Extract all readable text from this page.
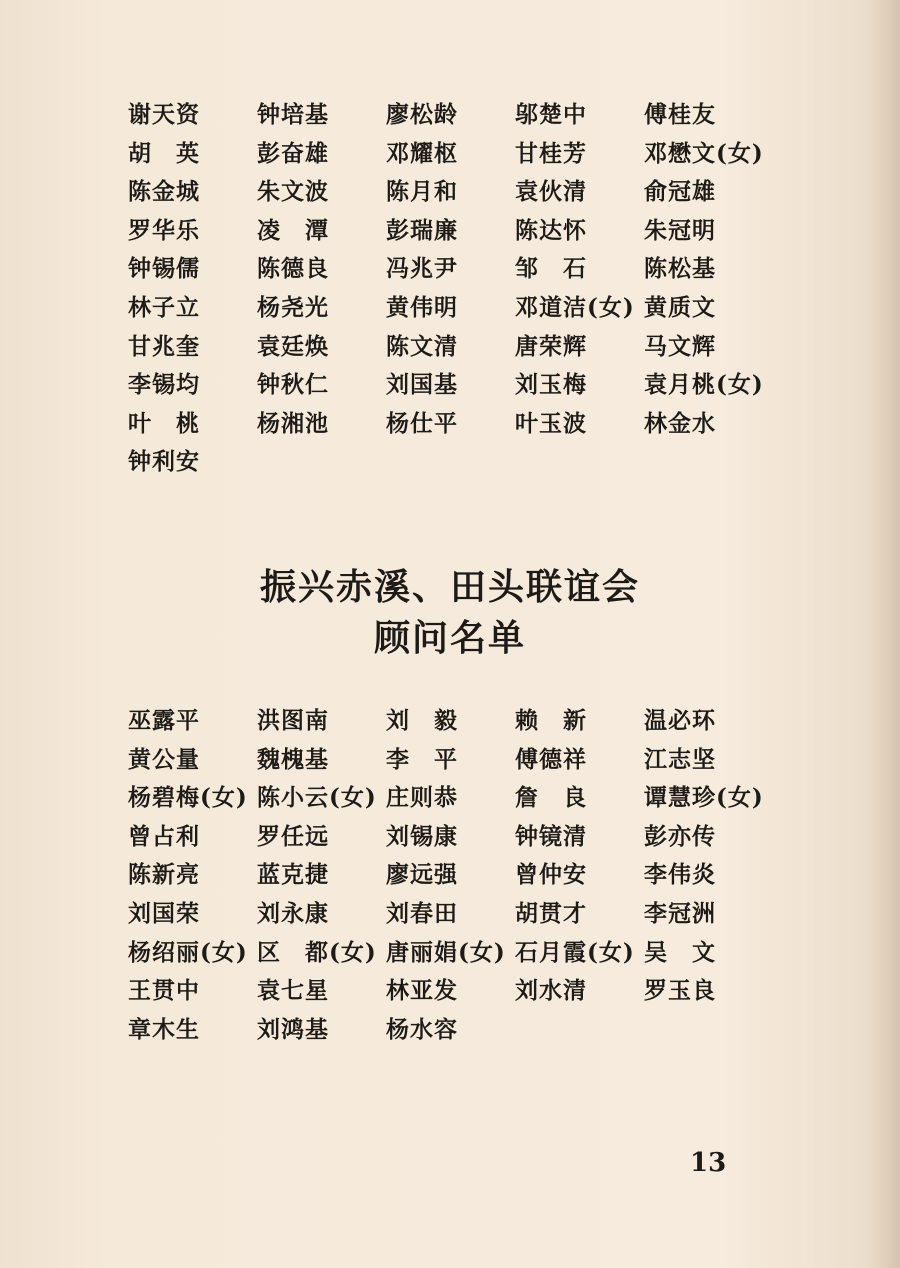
谢天资	钟培基	廖松龄	邬楚中	傅桂友
胡　英	彭奋雄	邓耀枢	甘桂芳	邓懋文(女)
陈金城	朱文波	陈月和	袁伙清	俞冠雄
罗华乐	凌　潭	彭瑞廉	陈达怀	朱冠明
钟锡儒	陈德良	冯兆尹	邹　石	陈松基
林子立	杨尧光	黄伟明	邓道洁(女) 黄质文
甘兆奎	袁廷焕	陈文清	唐荣辉	马文辉
李锡均	钟秋仁	刘国基	刘玉梅	袁月桃(女)
叶　桃	杨湘池	杨仕平	叶玉波	林金水
钟利安
振兴赤溪、田头联谊会
顾问名单
巫露平	洪图南	刘　毅	赖　新	温必环
黄公量	魏槐基	李　平	傅德祥	江志坚
杨碧梅(女) 陈小云(女) 庄则恭	詹　良	谭慧珍(女)
曾占利	罗任远	刘锡康	钟镜清	彭亦传
陈新亮	蓝克捷	廖远强	曾仲安	李伟炎
刘国荣	刘永康	刘春田	胡贯才	李冠洲
杨绍丽(女) 区　都(女) 唐丽娟(女) 石月霞(女) 吴　文
王贯中	袁七星	林亚发	刘水清	罗玉良
章木生	刘鸿基	杨水容
13
